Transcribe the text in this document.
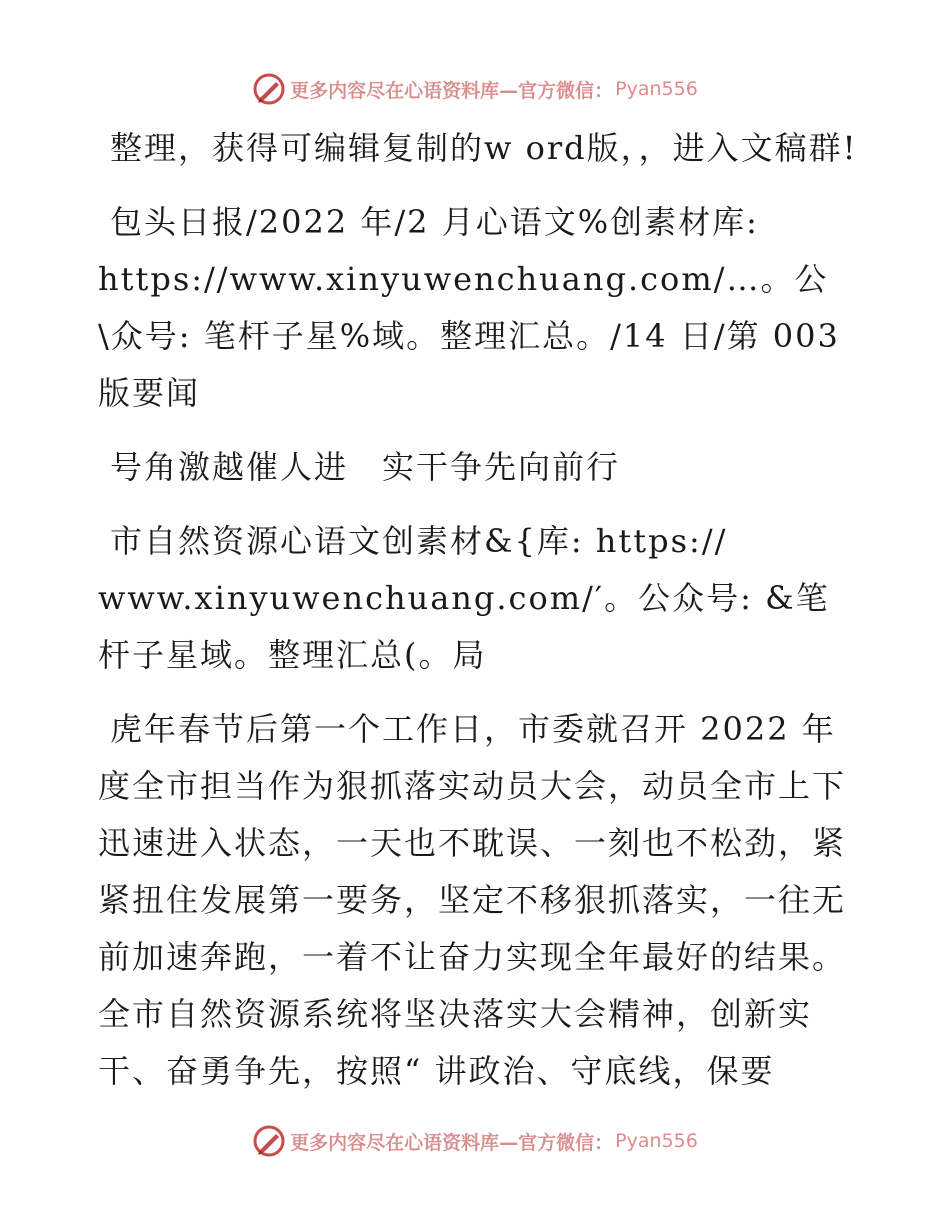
更多内容尽在心语资料库—官方微信： Pyan556

整理，获得可编辑复制的w ord版，，进入文稿群!

包头日报/2022 年/2 月心语文%创素材库: https://www.xinyuwenchuang.com/…。公\众号: 笔杆子星%域。整理汇总。/14 日/第 003 版要闻

号角激越催人进　实干争先向前行

市自然资源心语文创素材&{库: https:// www.xinyuwenchuang.com/′。公众号: &笔杆子星域。整理汇总(。局

虎年春节后第一个工作日，市委就召开 2022 年度全市担当作为狠抓落实动员大会，动员全市上下迅速进入状态，一天也不耽误、一刻也不松劲，紧紧扭住发展第一要务，坚定不移狠抓落实，一往无前加速奔跑，一着不让奋力实现全年最好的结果。全市自然资源系统将坚决落实大会精神，创新实干、奋勇争先，按照“ 讲政治、守底线，保要

更多内容尽在心语资料库—官方微信： Pyan556
